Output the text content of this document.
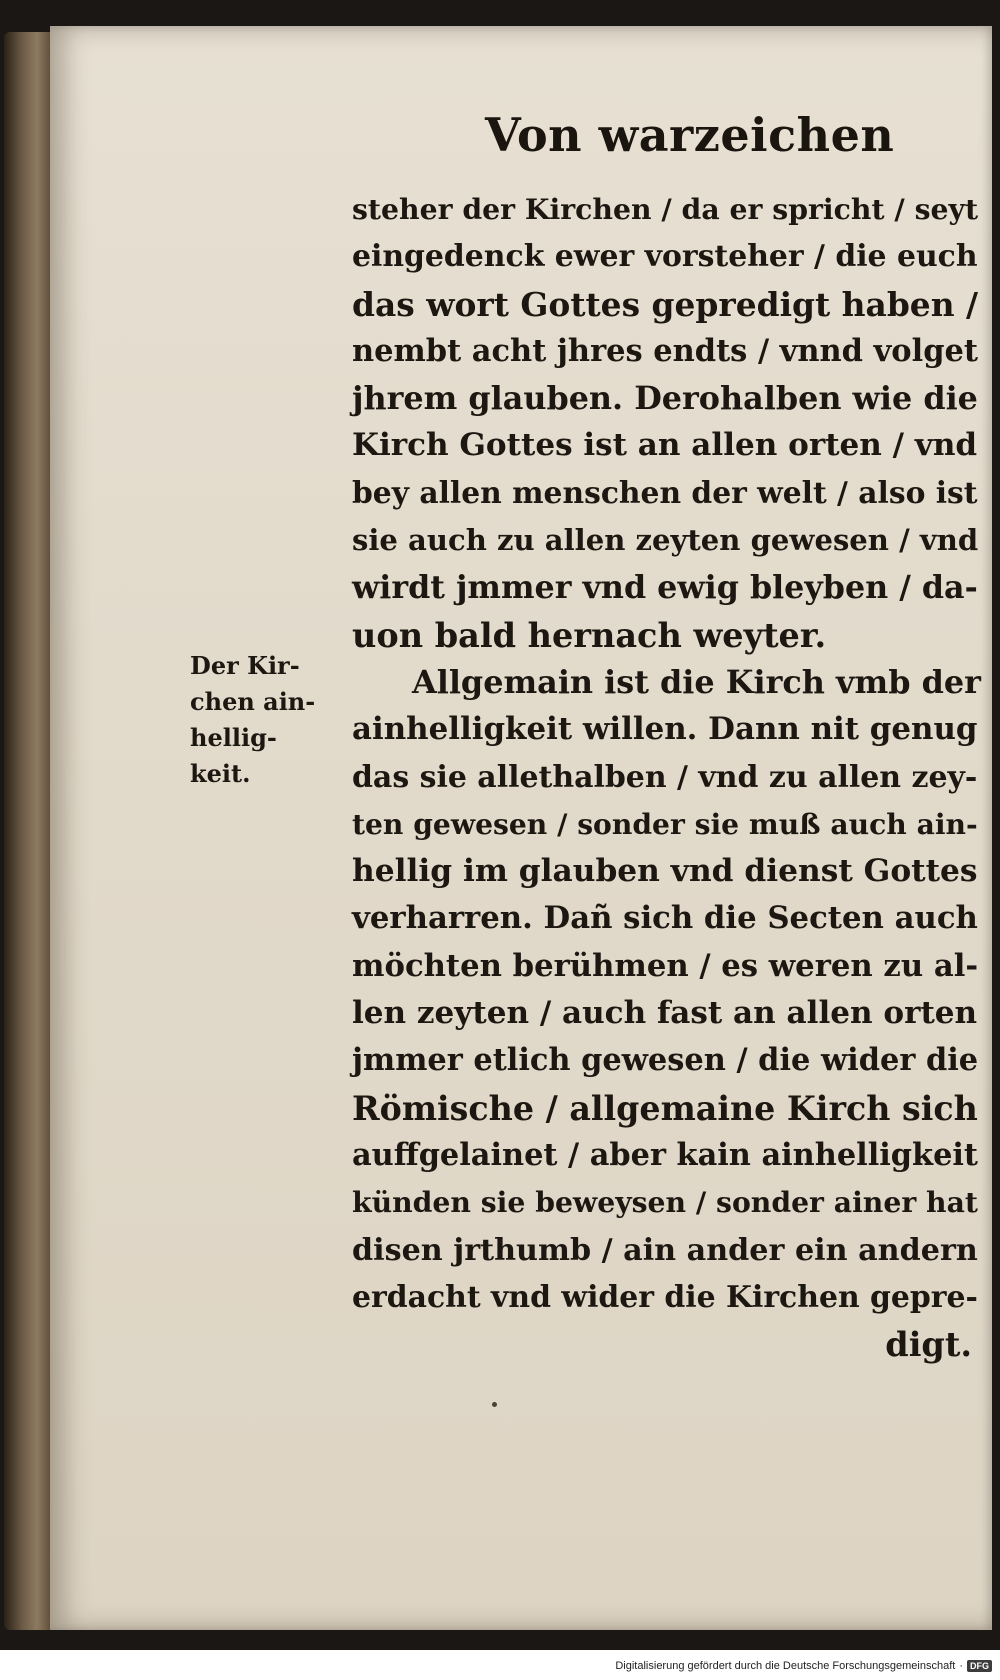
Von warzeichen
Der Kir-
chen ain-
hellig-
keit.
steher der Kirchen / da er spricht / seyt
eingedenck ewer vorsteher / die euch
das wort Gottes gepredigt haben /
nembt acht jhres endts / vnnd volget
jhrem glauben. Derohalben wie die
Kirch Gottes ist an allen orten / vnd
bey allen menschen der welt / also ist
sie auch zu allen zeyten gewesen / vnd
wirdt jmmer vnd ewig bleyben / da-
uon bald hernach weyter.
Allgemain ist die Kirch vmb der
ainhelligkeit willen. Dann nit genug
das sie allethalben / vnd zu allen zey-
ten gewesen / sonder sie muß auch ain-
hellig im glauben vnd dienst Gottes
verharren. Dañ sich die Secten auch
möchten berühmen / es weren zu al-
len zeyten / auch fast an allen orten
jmmer etlich gewesen / die wider die
Römische / allgemaine Kirch sich
auffgelainet / aber kain ainhelligkeit
künden sie beweysen / sonder ainer hat
disen jrthumb / ain ander ein andern
erdacht vnd wider die Kirchen gepre-
digt.
Digitalisierung gefördert durch die Deutsche Forschungsgemeinschaft · DFG
